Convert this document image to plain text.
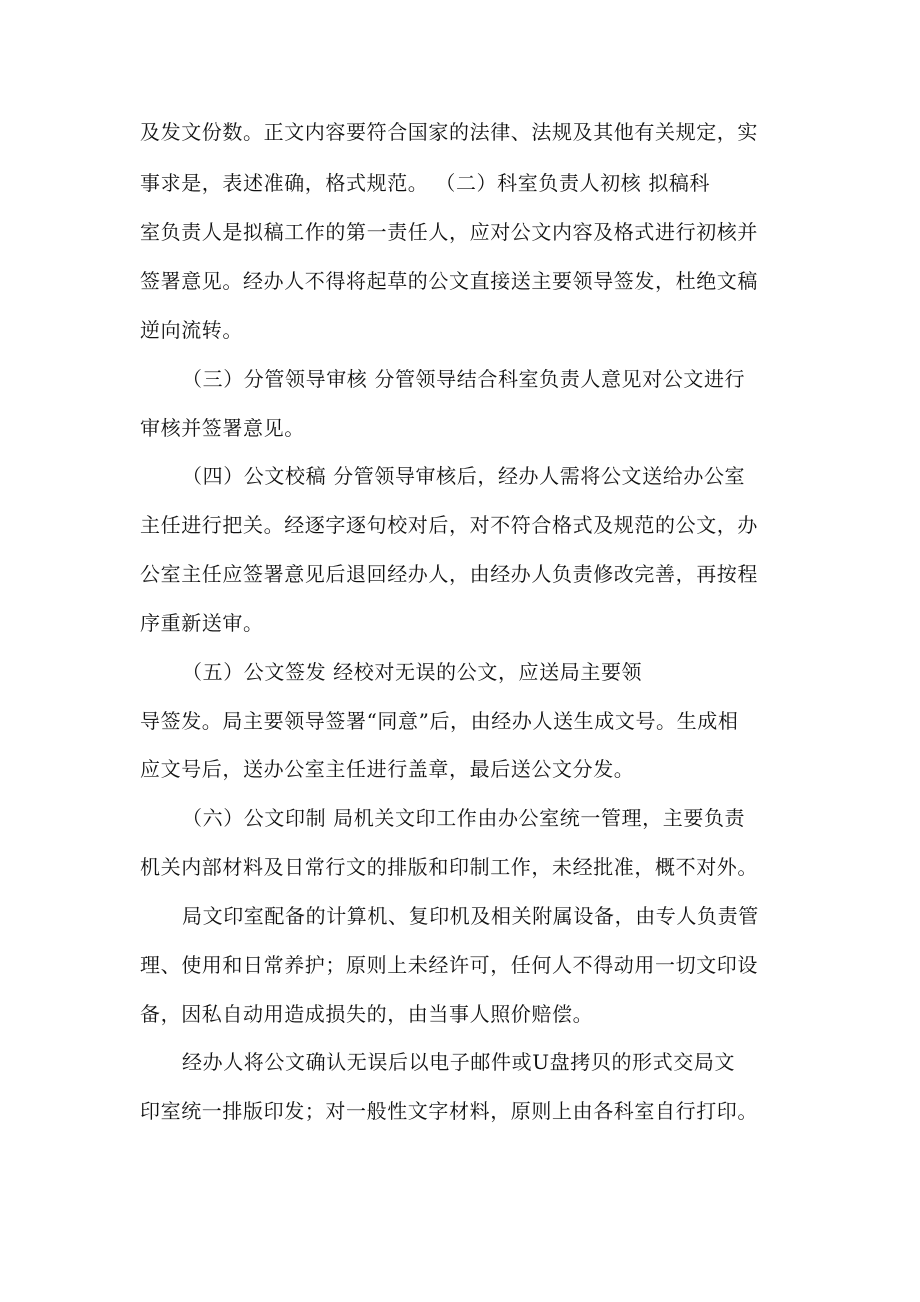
及发文份数。正文内容要符合国家的法律、法规及其他有关规定，实
事求是，表述准确，格式规范。 （二）科室负责人初核 拟稿科
室负责人是拟稿工作的第一责任人，应对公文内容及格式进行初核并
签署意见。经办人不得将起草的公文直接送主要领导签发，杜绝文稿
逆向流转。
（三）分管领导审核 分管领导结合科室负责人意见对公文进行
审核并签署意见。
（四）公文校稿 分管领导审核后，经办人需将公文送给办公室
主任进行把关。经逐字逐句校对后，对不符合格式及规范的公文，办
公室主任应签署意见后退回经办人，由经办人负责修改完善，再按程
序重新送审。
（五）公文签发 经校对无误的公文，应送局主要领
导签发。局主要领导签署“同意”后，由经办人送生成文号。生成相
应文号后，送办公室主任进行盖章，最后送公文分发。
（六）公文印制 局机关文印工作由办公室统一管理，主要负责
机关内部材料及日常行文的排版和印制工作，未经批准，概不对外。
局文印室配备的计算机、复印机及相关附属设备，由专人负责管
理、使用和日常养护；原则上未经许可，任何人不得动用一切文印设
备，因私自动用造成损失的，由当事人照价赔偿。
经办人将公文确认无误后以电子邮件或U盘拷贝的形式交局文
印室统一排版印发；对一般性文字材料，原则上由各科室自行打印。
